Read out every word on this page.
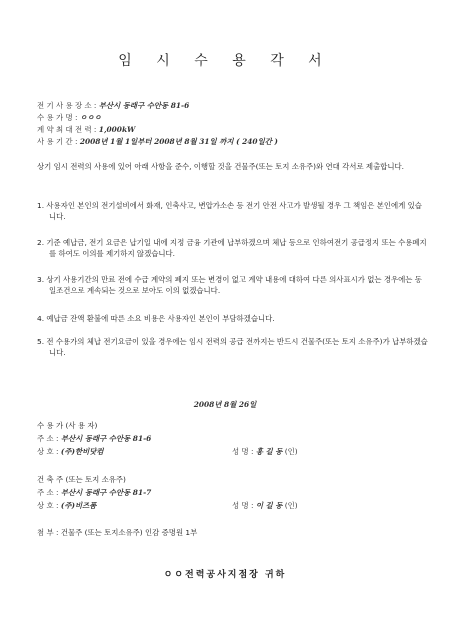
임 시 수 용 각 서
전 기 사 용 장 소 : 부산시 동래구 수안동 81-6
수 용 가 명 : ㅇㅇㅇ
계 약 최 대 전 력 : 1,000kW
사 용 기 간 : 2008년 1월 1일부터 2008년 8월 31일 까지 ( 240일간 )
상기 임시 전력의 사용에 있어 아래 사항을 준수, 이행할 것을 건물주(또는 토지 소유주)와 연대 각서로 제출합니다.
1. 사용자인 본인의 전기설비에서 화재, 인축사고, 변압가소손 등 전기 안전 사고가 발생될 경우 그 책임은 본인에게 있습니다.
2. 기준 예납금, 전기 요금은 납기일 내에 지정 금융 기관에 납부하겠으며 체납 등으로 인하여전기 공급정지 또는 수용폐지를 하여도 이의를 제기하지 않겠습니다.
3. 상기 사용기간의 만료 전에 수급 계약의 폐지 또는 변경이 없고 계약 내용에 대하여 다른 의사표시가 없는 경우에는 동일조건으로 계속되는 것으로 보아도 이의 없겠습니다.
4. 예납금 잔액 환불에 따른 소요 비용은 사용자인 본인이 부담하겠습니다.
5. 전 수용가의 체납 전기요금이 있을 경우에는 임시 전력의 공급 전까지는 반드시 건물주(또는 토지 소유주)가 납부하겠습니다.
2008년 8월 26일
수 용 가 (사 용 자)
주 소 : 부산시 동래구 수안동 81-6
상 호 : (주)한비닷컴	성 명 : 홍 길 동 (인)
건 축 주 (또는 토지 소유주)
주 소 : 부산시 동래구 수안동 81-7
상 호 : (주)비즈폼	성 명 : 이 길 동 (인)
첨 부 : 건물주 (또는 토지소유주) 인감 증명원 1부
ㅇㅇ전력공사지점장 귀하
